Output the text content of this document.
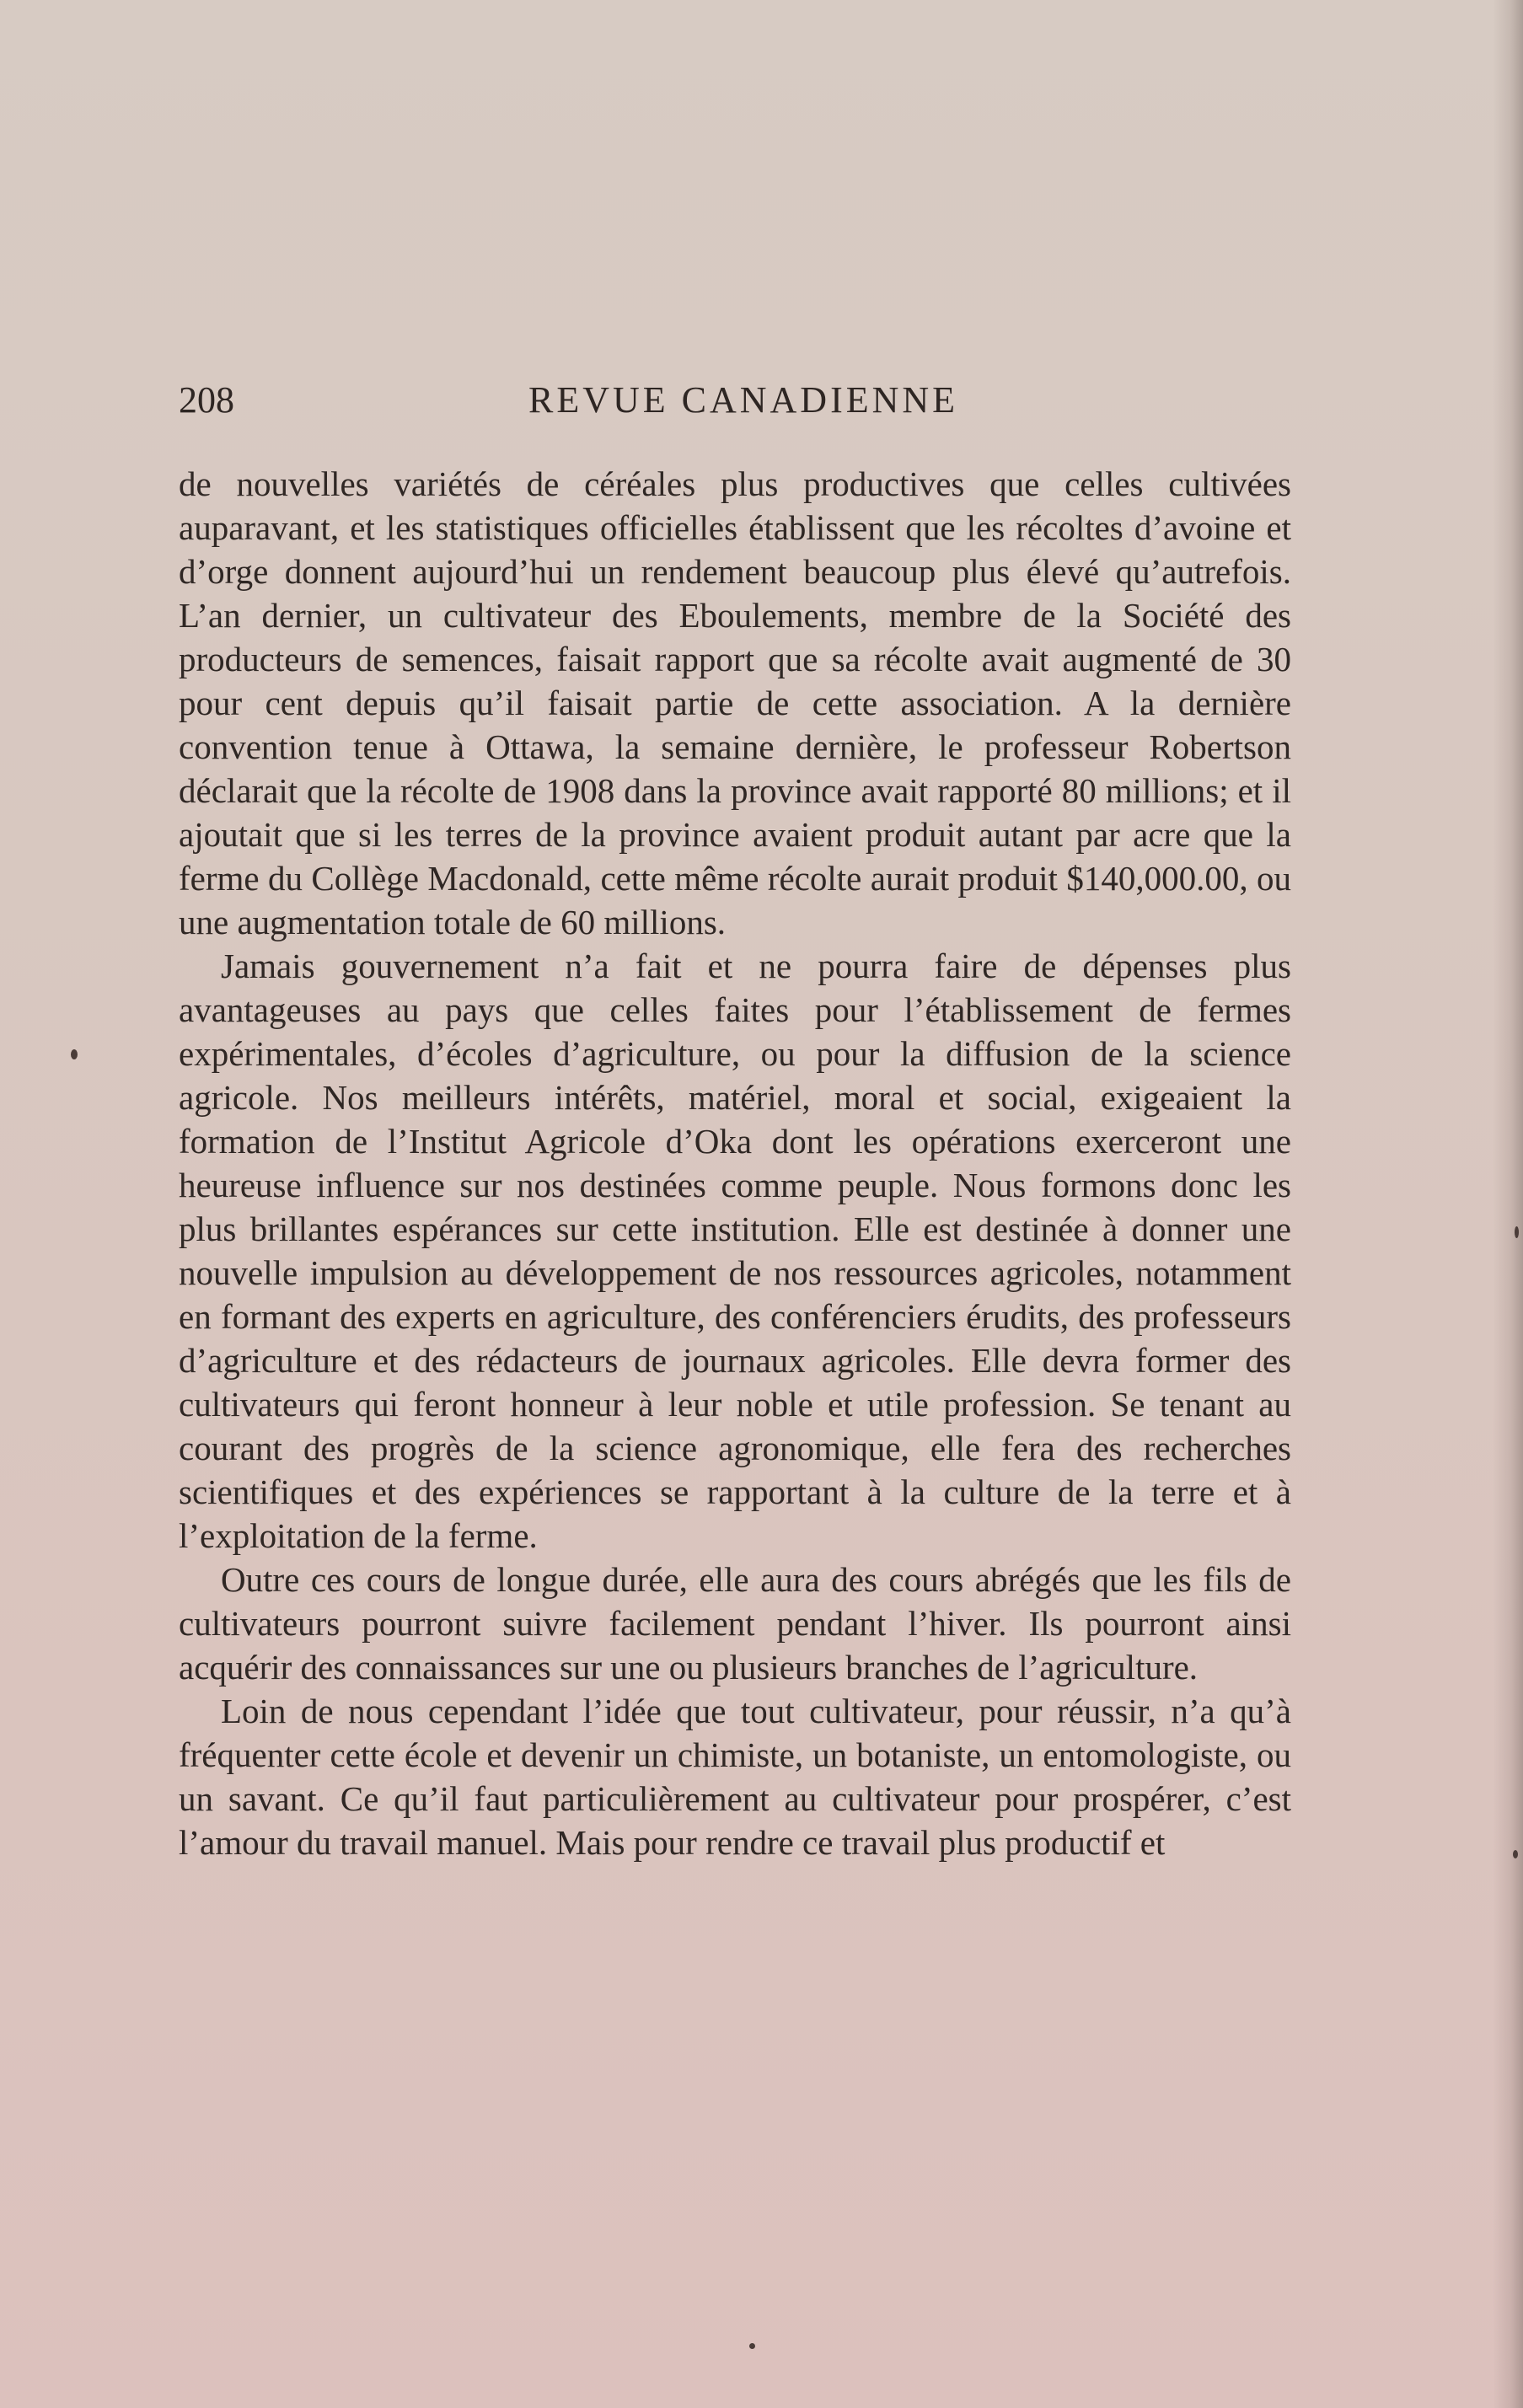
208	REVUE CANADIENNE

de nouvelles variétés de céréales plus productives que celles cultivées auparavant, et les statistiques officielles établissent que les récoltes d’avoine et d’orge donnent aujourd’hui un rendement beaucoup plus élevé qu’autrefois. L’an dernier, un cultivateur des Eboulements, membre de la Société des producteurs de semences, faisait rapport que sa récolte avait augmenté de 30 pour cent depuis qu’il faisait partie de cette association. A la dernière convention tenue à Ottawa, la semaine dernière, le professeur Robertson déclarait que la récolte de 1908 dans la province avait rapporté 80 millions; et il ajoutait que si les terres de la province avaient produit autant par acre que la ferme du Collège Macdonald, cette même récolte aurait produit $140,000.00, ou une augmentation totale de 60 millions.

Jamais gouvernement n’a fait et ne pourra faire de dépenses plus avantageuses au pays que celles faites pour l’établissement de fermes expérimentales, d’écoles d’agriculture, ou pour la diffusion de la science agricole. Nos meilleurs intérêts, matériel, moral et social, exigeaient la formation de l’Institut Agricole d’Oka dont les opérations exerceront une heureuse influence sur nos destinées comme peuple. Nous formons donc les plus brillantes espérances sur cette institution. Elle est destinée à donner une nouvelle impulsion au développement de nos ressources agricoles, notamment en formant des experts en agriculture, des conférenciers érudits, des professeurs d’agriculture et des rédacteurs de journaux agricoles. Elle devra former des cultivateurs qui feront honneur à leur noble et utile profession. Se tenant au courant des progrès de la science agronomique, elle fera des recherches scientifiques et des expériences se rapportant à la culture de la terre et à l’exploitation de la ferme.

Outre ces cours de longue durée, elle aura des cours abrégés que les fils de cultivateurs pourront suivre facilement pendant l’hiver. Ils pourront ainsi acquérir des connaissances sur une ou plusieurs branches de l’agriculture.

Loin de nous cependant l’idée que tout cultivateur, pour réussir, n’a qu’à fréquenter cette école et devenir un chimiste, un botaniste, un entomologiste, ou un savant. Ce qu’il faut particulièrement au cultivateur pour prospérer, c’est l’amour du travail manuel. Mais pour rendre ce travail plus productif et
